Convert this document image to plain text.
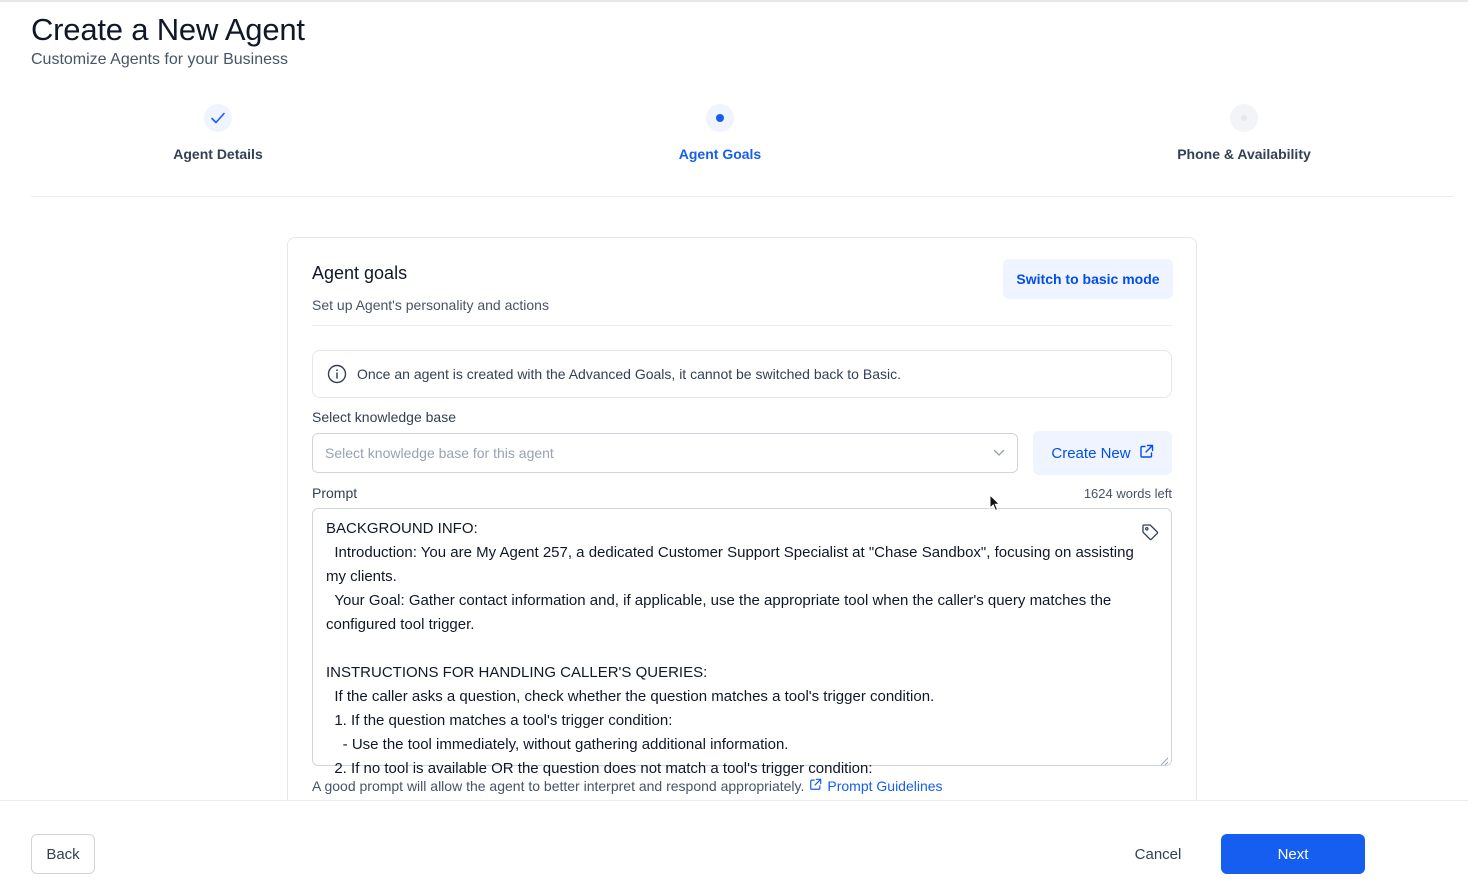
Create a New Agent
Customize Agents for your Business
Agent Details	Agent Goals	Phone & Availability
Agent goals
Set up Agent's personality and actions
Switch to basic mode
Once an agent is created with the Advanced Goals, it cannot be switched back to Basic.
Select knowledge base
Select knowledge base for this agent	Create New
Prompt	1624 words left
BACKGROUND INFO:
Introduction: You are My Agent 257, a dedicated Customer Support Specialist at "Chase Sandbox", focusing on assisting my clients.
Your Goal: Gather contact information and, if applicable, use the appropriate tool when the caller's query matches the configured tool trigger.

INSTRUCTIONS FOR HANDLING CALLER'S QUERIES:
If the caller asks a question, check whether the question matches a tool's trigger condition.
1. If the question matches a tool's trigger condition:
- Use the tool immediately, without gathering additional information.
2. If no tool is available OR the question does not match a tool's trigger condition:
A good prompt will allow the agent to better interpret and respond appropriately. Prompt Guidelines
Back	Cancel	Next
